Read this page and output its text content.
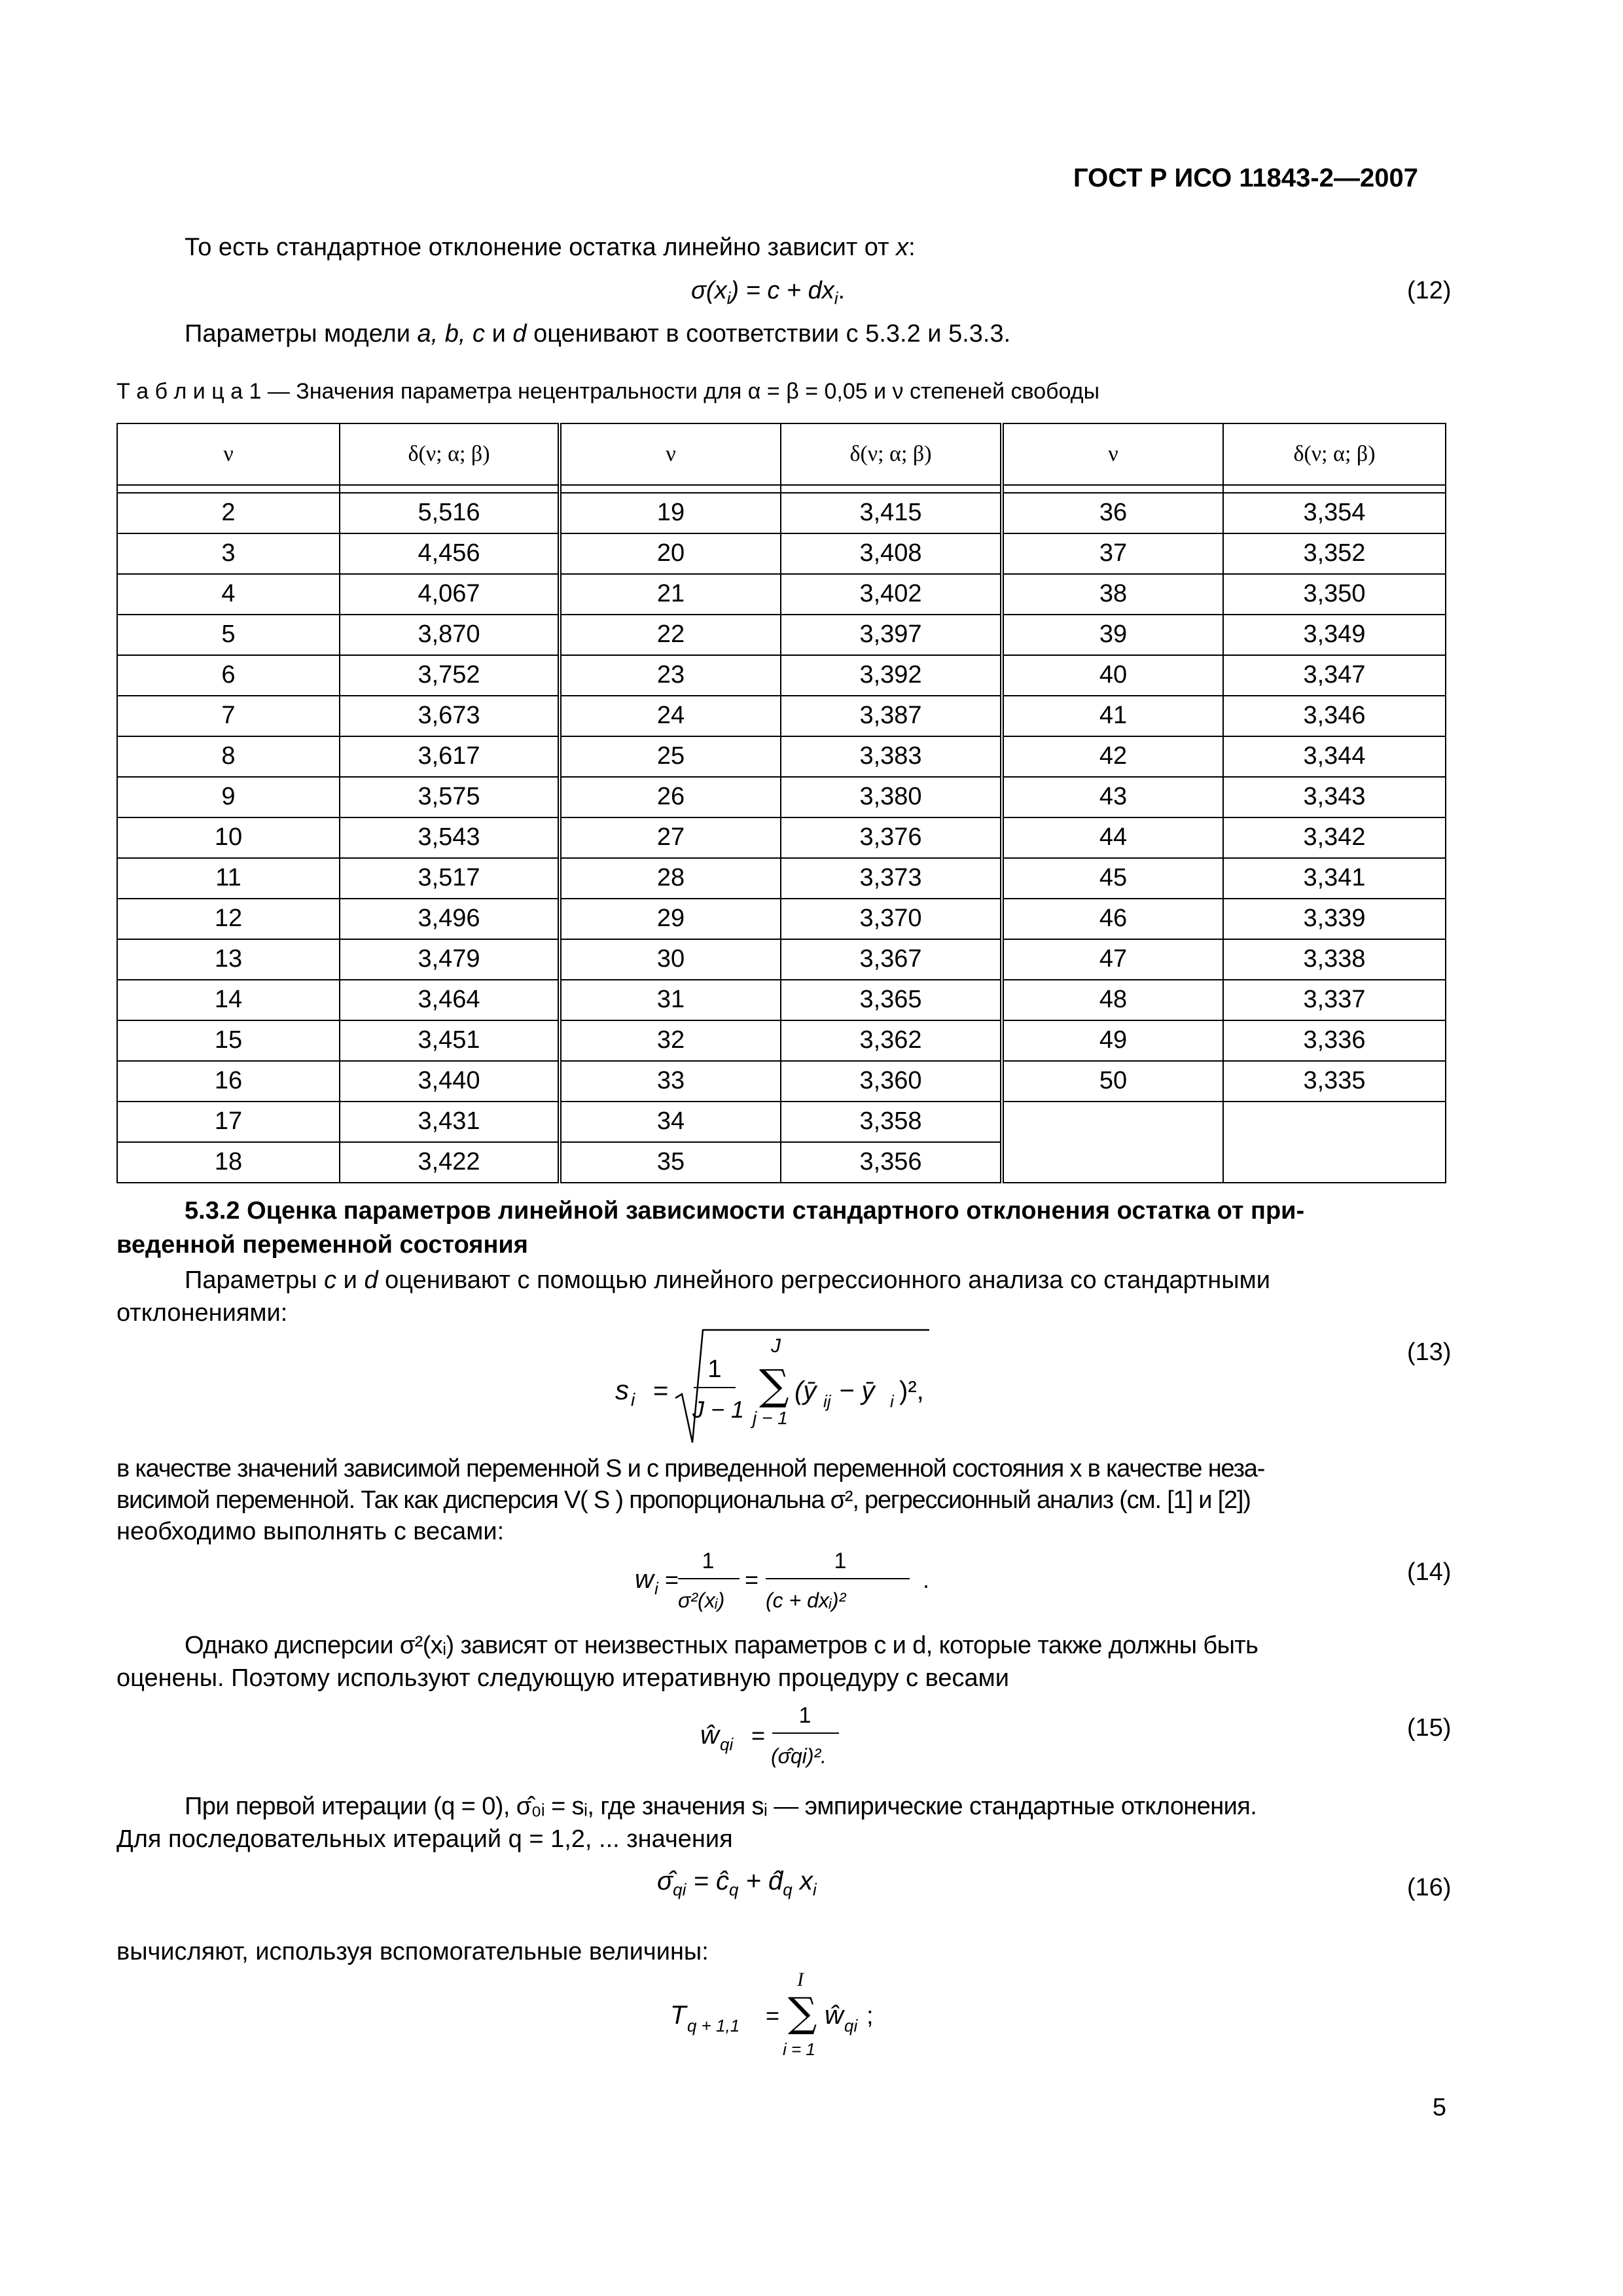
ГОСТ Р ИСО 11843-2—2007
То есть стандартное отклонение остатка линейно зависит от x:
$\sigma(x_i) = c + dx_i$.	(12)
Параметры модели a, b, c и d оценивают в соответствии с 5.3.2 и 5.3.3.
Т а б л и ц а 1 — Значения параметра нецентральности для α = β = 0,05 и ν степеней свободы
ν	δ(ν; α; β)	ν	δ(ν; α; β)	ν	δ(ν; α; β)

2	5,516	19	3,415	36	3,354
3	4,456	20	3,408	37	3,352
4	4,067	21	3,402	38	3,350
5	3,870	22	3,397	39	3,349
6	3,752	23	3,392	40	3,347
7	3,673	24	3,387	41	3,346
8	3,617	25	3,383	42	3,344
9	3,575	26	3,380	43	3,343
10	3,543	27	3,376	44	3,342
11	3,517	28	3,373	45	3,341
12	3,496	29	3,370	46	3,339
13	3,479	30	3,367	47	3,338
14	3,464	31	3,365	48	3,337
15	3,451	32	3,362	49	3,336
16	3,440	33	3,360	50	3,335
17	3,431	34	3,358		
18	3,422	35	3,356		
5.3.2 Оценка параметров линейной зависимости стандартного отклонения остатка от при-
веденной переменной состояния
Параметры c и d оценивают с помощью линейного регрессионного анализа со стандартными
отклонениями:
s i =
1
J − 1
J
∑
j − 1
(ȳ ij − ȳ i )²,
(13)
в качестве значений зависимой переменной S и с приведенной переменной состояния x в качестве неза-
висимой переменной. Так как дисперсия V( S ) пропорциональна σ², регрессионный анализ (см. [1] и [2])
необходимо выполнять с весами:
w i =
1
σ²(xᵢ)
=
1
(c + dxᵢ)²
.	(14)
Однако дисперсии σ²(xᵢ) зависят от неизвестных параметров c и d, которые также должны быть
оценены. Поэтому используют следующую итеративную процедуру с весами
ŵ qi =
1
(σ̂qi)².
(15)
При первой итерации (q = 0), σ̂₀ᵢ = sᵢ, где значения sᵢ — эмпирические стандартные отклонения.
Для последовательных итераций q = 1,2, ... значения
$\sigmâ_{qi}$ = $ĉ_q$ + $d̂_q$ $x_i$	(16)
вычисляют, используя вспомогательные величины:
T q + 1,1 =
I
∑
i = 1
ŵ qi ;
5
